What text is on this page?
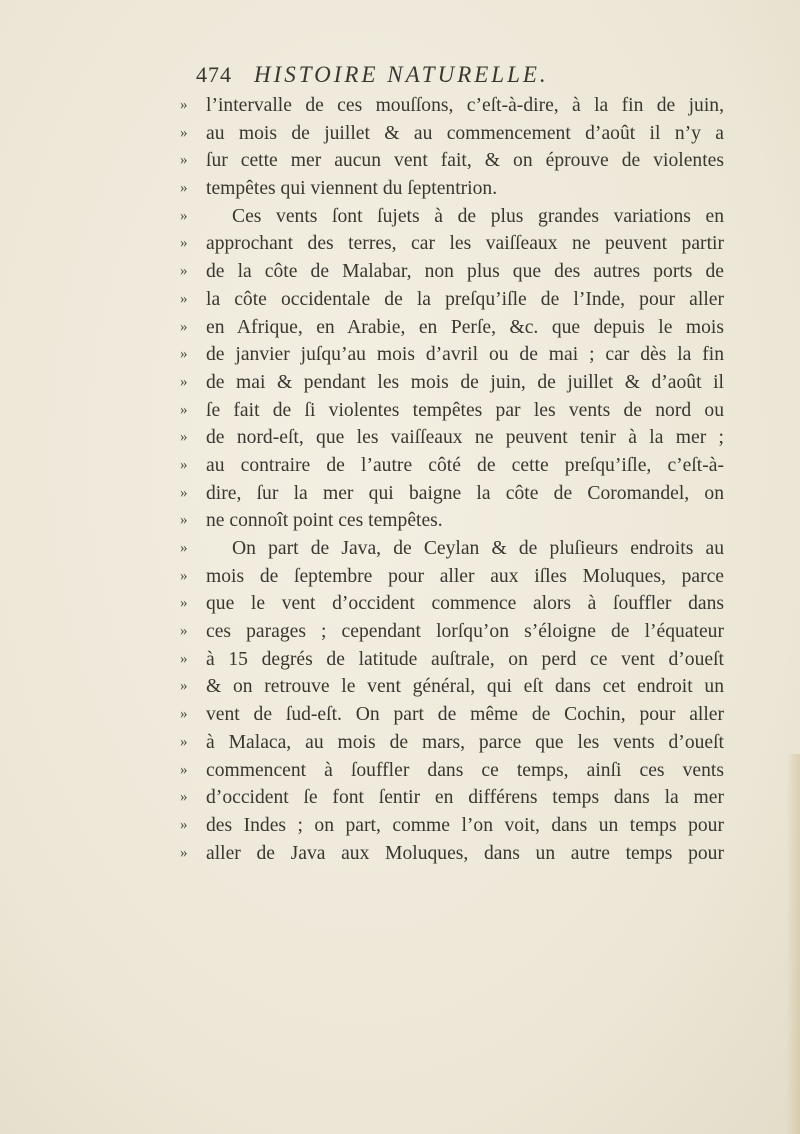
474 HISTOIRE NATURELLE.
» l’intervalle de ces mouſſons, c’eſt-à-dire, à la fin de juin,
» au mois de juillet & au commencement d’août il n’y a
» ſur cette mer aucun vent fait, & on éprouve de violentes
» tempêtes qui viennent du ſeptentrion.
»	Ces vents ſont ſujets à de plus grandes variations en
» approchant des terres, car les vaiſſeaux ne peuvent partir
» de la côte de Malabar, non plus que des autres ports de
» la côte occidentale de la preſqu’iſle de l’Inde, pour aller
» en Afrique, en Arabie, en Perſe, &c. que depuis le mois
» de janvier juſqu’au mois d’avril ou de mai ; car dès la fin
» de mai & pendant les mois de juin, de juillet & d’août il
» ſe fait de ſi violentes tempêtes par les vents de nord ou
» de nord-eſt, que les vaiſſeaux ne peuvent tenir à la mer ;
» au contraire de l’autre côté de cette preſqu’iſle, c’eſt-à-
» dire, ſur la mer qui baigne la côte de Coromandel, on
» ne connoît point ces tempêtes.
»	On part de Java, de Ceylan & de pluſieurs endroits au
» mois de ſeptembre pour aller aux iſles Moluques, parce
» que le vent d’occident commence alors à ſouffler dans
» ces parages ; cependant lorſqu’on s’éloigne de l’équateur
» à 15 degrés de latitude auſtrale, on perd ce vent d’oueſt
» & on retrouve le vent général, qui eſt dans cet endroit un
» vent de ſud-eſt. On part de même de Cochin, pour aller
» à Malaca, au mois de mars, parce que les vents d’oueſt
» commencent à ſouffler dans ce temps, ainſi ces vents
» d’occident ſe font ſentir en différens temps dans la mer
» des Indes ; on part, comme l’on voit, dans un temps pour
» aller de Java aux Moluques, dans un autre temps pour
